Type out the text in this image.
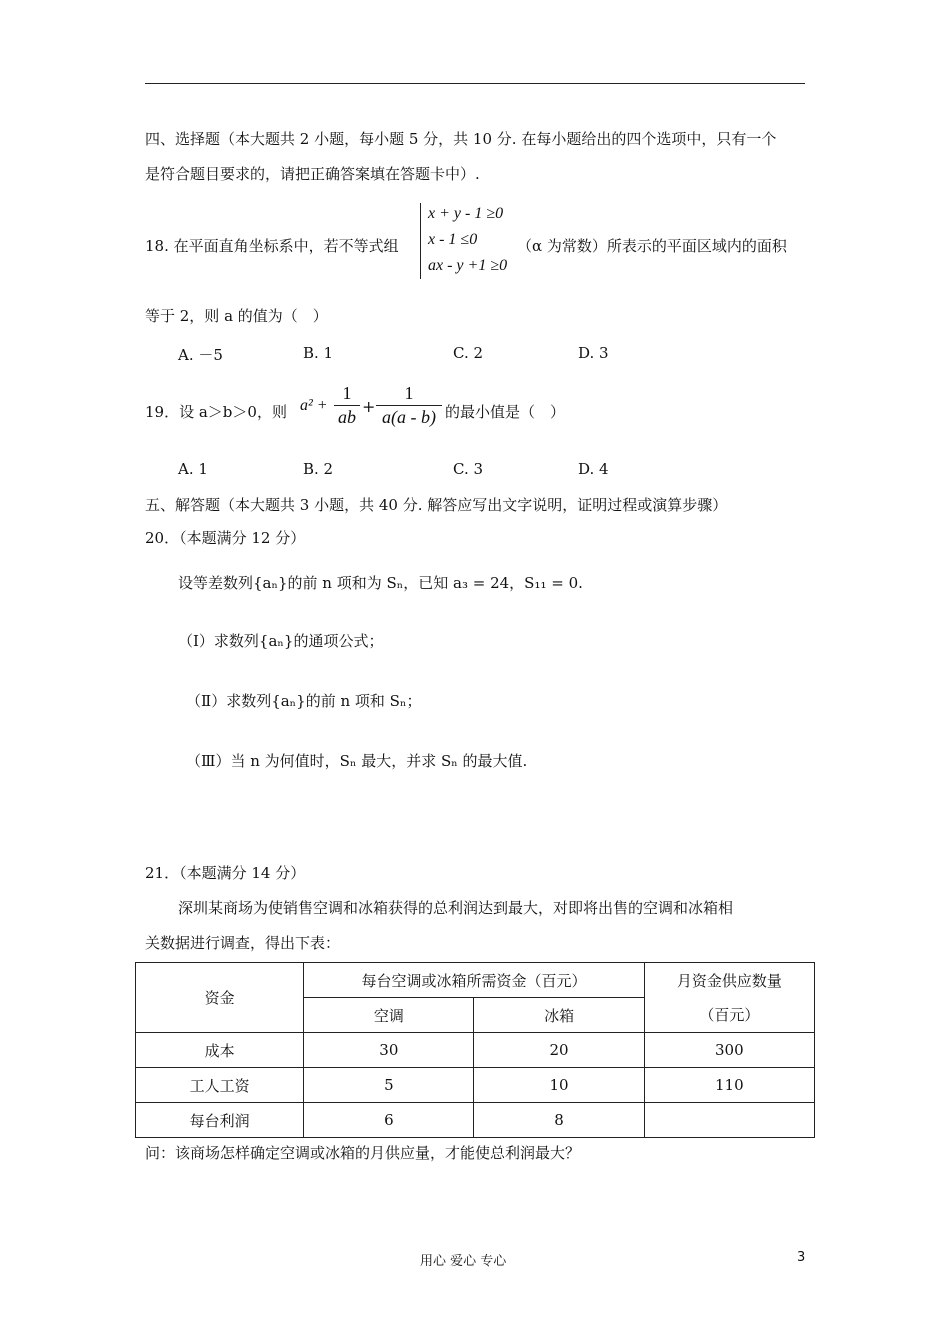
四、选择题（本大题共 2 小题，每小题 5 分，共 10 分. 在每小题给出的四个选项中，只有一个
是符合题目要求的，请把正确答案填在答题卡中）.
18. 在平面直角坐标系中，若不等式组
x + y - 1 ≥0
x - 1 ≤0
ax - y +1 ≥0
（α 为常数）所表示的平面区域内的面积
等于 2，则 a 的值为（　）
A. －5	B. 1	C. 2	D. 3
19．设 a＞b＞0，则 a² +
1
ab
+
1
a(a - b) 的最小值是（　）
A. 1	B. 2	C. 3	D. 4
五、解答题（本大题共 3 小题，共 40 分. 解答应写出文字说明，证明过程或演算步骤）
20．（本题满分 12 分）
设等差数列{aₙ}的前 n 项和为 Sₙ，已知 a₃ = 24，S₁₁ = 0.
（Ⅰ）求数列{aₙ}的通项公式；
（Ⅱ）求数列{aₙ}的前 n 项和 Sₙ；
（Ⅲ）当 n 为何值时，Sₙ 最大，并求 Sₙ 的最大值.
21．（本题满分 14 分）
深圳某商场为使销售空调和冰箱获得的总利润达到最大，对即将出售的空调和冰箱相
关数据进行调查，得出下表：
资金	每台空调或冰箱所需资金（百元）		月资金供应数量
（百元）

	空调	冰箱	
成本	30	20	300
工人工资	5	10	110
每台利润	6	8	
问：该商场怎样确定空调或冰箱的月供应量，才能使总利润最大？
用心 爱心 专心	3
